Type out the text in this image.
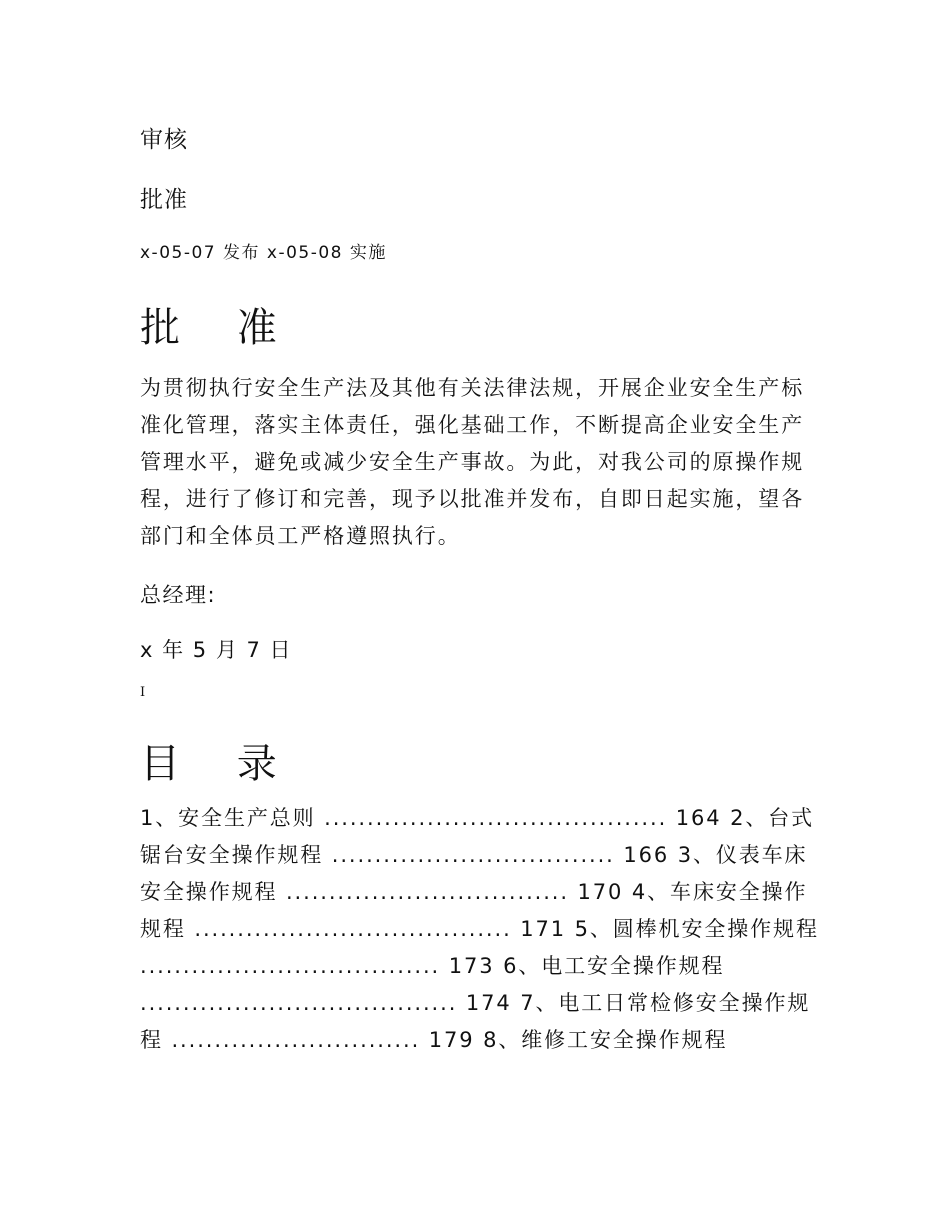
审核

批准

x-05-07 发布 x-05-08 实施

批 准

为贯彻执行安全生产法及其他有关法律法规，开展企业安全生产标准化管理，落实主体责任，强化基础工作，不断提高企业安全生产管理水平，避免或减少安全生产事故。为此，对我公司的原操作规程，进行了修订和完善，现予以批准并发布，自即日起实施，望各部门和全体员工严格遵照执行。

总经理:

x 年 5 月 7 日

I

目 录

1、安全生产总则 ........................................ 164 2、台式锯台安全操作规程 ................................. 166 3、仪表车床安全操作规程 ................................. 170 4、车床安全操作规程 ..................................... 171 5、圆棒机安全操作规程 ................................... 173 6、电工安全操作规程 ..................................... 174 7、电工日常检修安全操作规程 ............................. 179 8、维修工安全操作规程
